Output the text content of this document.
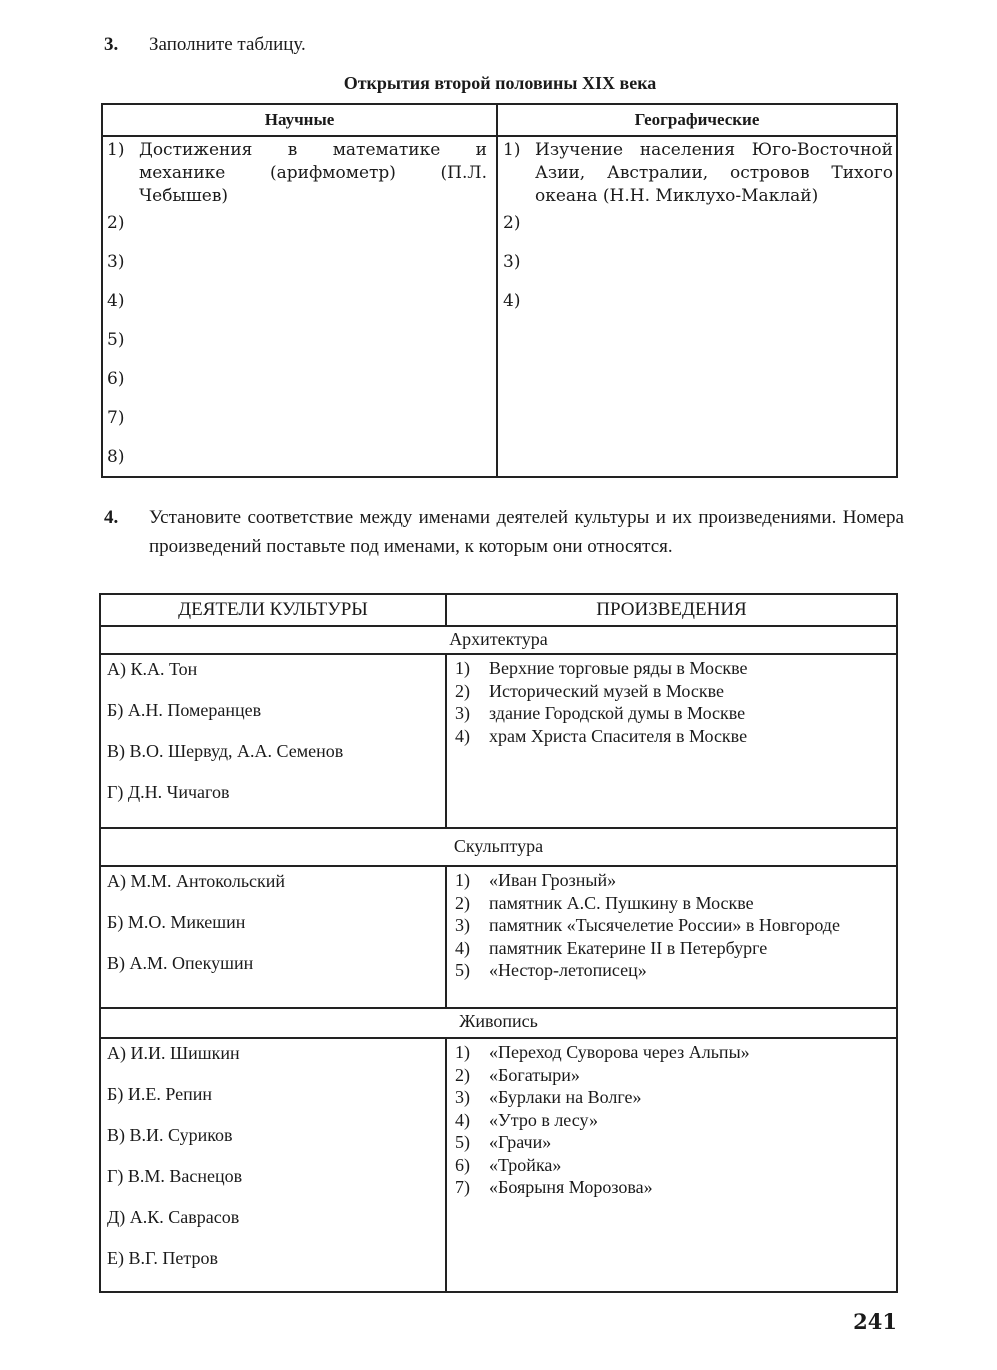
3. Заполните таблицу.
Открытия второй половины XIX века
Научные	Географические
1) Достижения в математике и механике (арифмометр) (П.Л. Чебышев)
2)
3)
4)
5)
6)
7)
8)
1) Изучение населения Юго-Восточной Азии, Австралии, островов Тихого океана (Н.Н. Миклухо-Маклай)
2)
3)
4)
4. Установите соответствие между именами деятелей культуры и их произведениями. Номера произведений поставьте под именами, к которым они относятся.
ДЕЯТЕЛИ КУЛЬТУРЫ	ПРОИЗВЕДЕНИЯ
Архитектура
А) К.А. Тон
Б) А.Н. Померанцев
В) В.О. Шервуд, А.А. Семенов
Г) Д.Н. Чичагов
1) Верхние торговые ряды в Москве
2) Исторический музей в Москве
3) здание Городской думы в Москве
4) храм Христа Спасителя в Москве
Скульптура
А) М.М. Антокольский
Б) М.О. Микешин
В) А.М. Опекушин
1) «Иван Грозный»
2) памятник А.С. Пушкину в Москве
3) памятник «Тысячелетие России» в Новгороде
4) памятник Екатерине II в Петербурге
5) «Нестор-летописец»
Живопись
А) И.И. Шишкин
Б) И.Е. Репин
В) В.И. Суриков
Г) В.М. Васнецов
Д) А.К. Саврасов
Е) В.Г. Петров
1) «Переход Суворова через Альпы»
2) «Богатыри»
3) «Бурлаки на Волге»
4) «Утро в лесу»
5) «Грачи»
6) «Тройка»
7) «Боярыня Морозова»
241
